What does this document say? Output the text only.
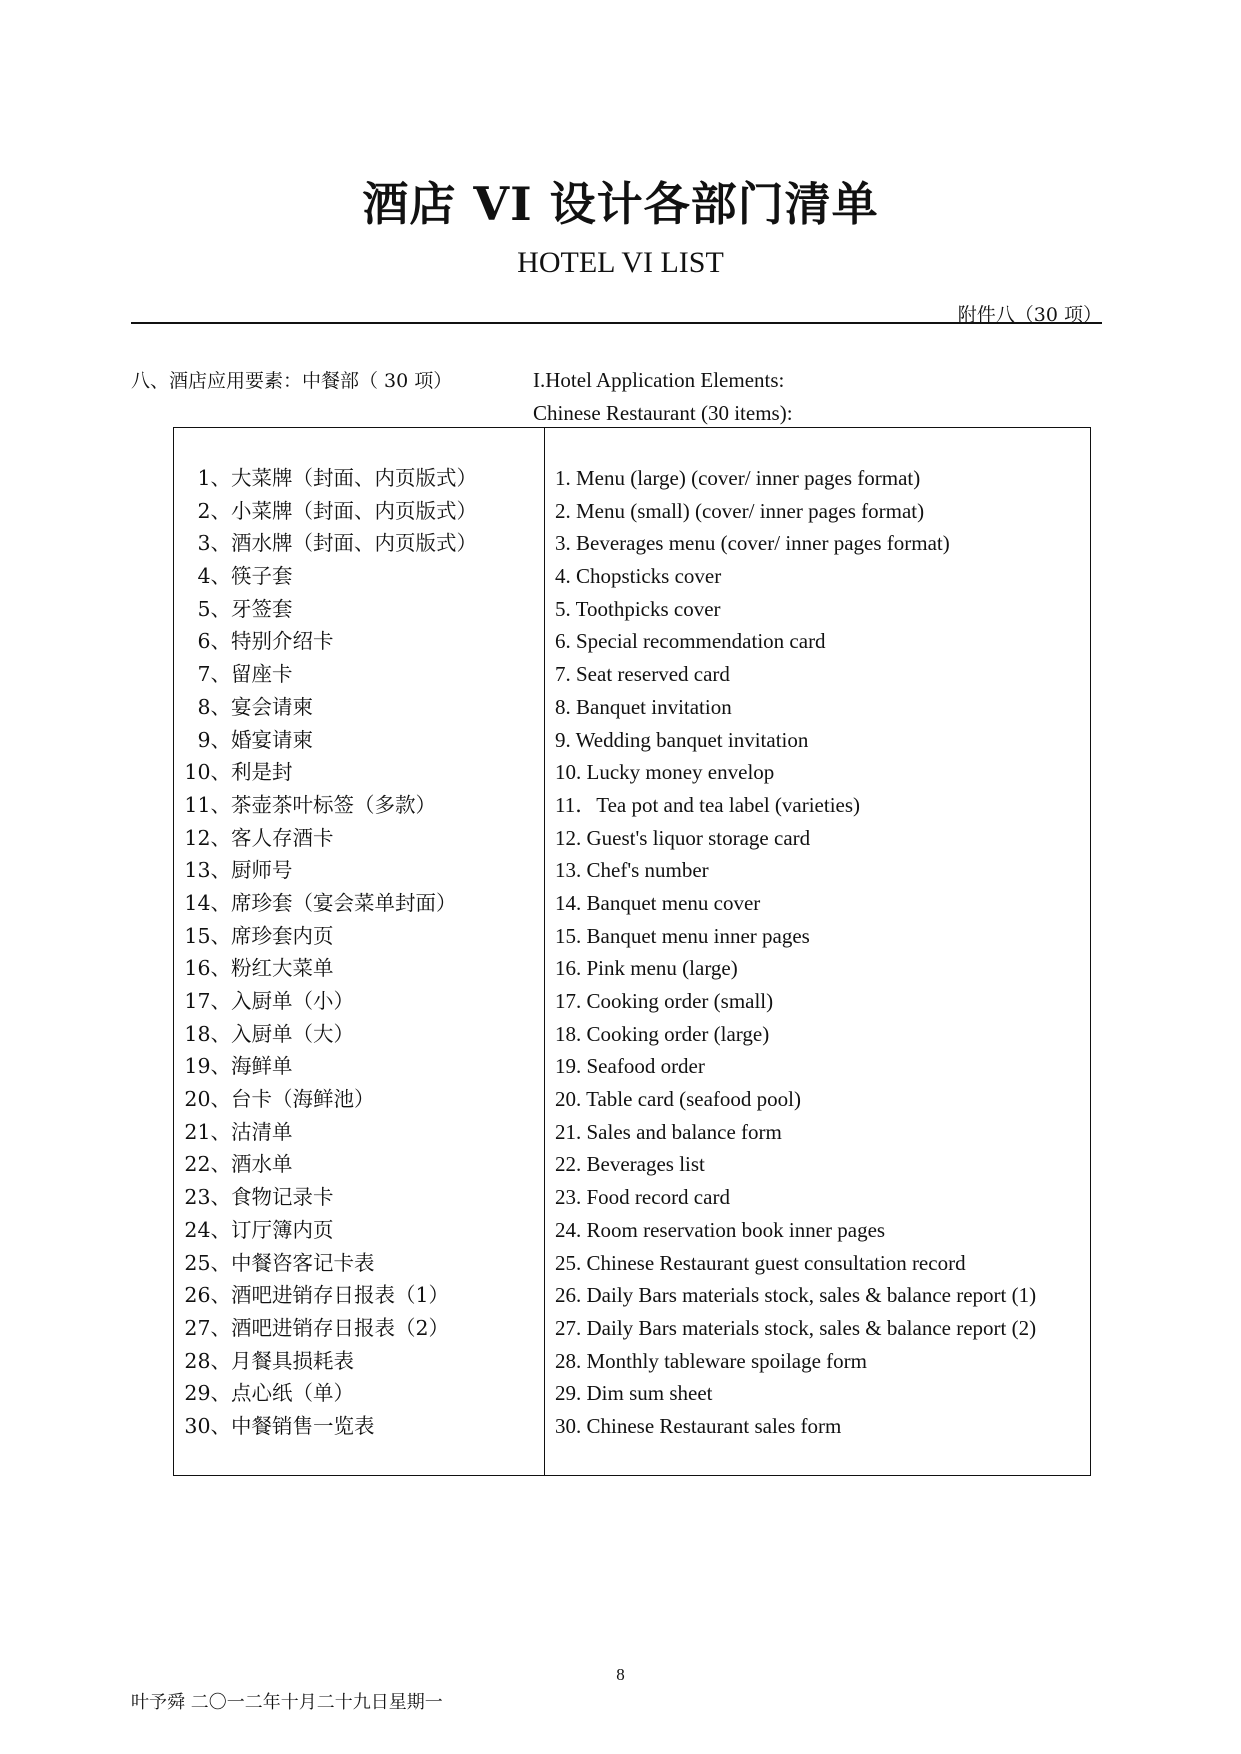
酒店 VI 设计各部门清单
HOTEL VI LIST
附件八（30 项）
八、酒店应用要素：中餐部（ 30 项）	I.Hotel Application Elements:
Chinese Restaurant (30 items):
1、大菜牌（封面、内页版式）
2、小菜牌（封面、内页版式）
3、酒水牌（封面、内页版式）
4、筷子套
5、牙签套
6、特别介绍卡
7、留座卡
8、宴会请柬
9、婚宴请柬
10、利是封
11、茶壶茶叶标签（多款）
12、客人存酒卡
13、厨师号
14、席珍套（宴会菜单封面）
15、席珍套内页
16、粉红大菜单
17、入厨单（小）
18、入厨单（大）
19、海鲜单
20、台卡（海鲜池）
21、沽清单
22、酒水单
23、食物记录卡
24、订厅簿内页
25、中餐咨客记卡表
26、酒吧进销存日报表（1）
27、酒吧进销存日报表（2）
28、月餐具损耗表
29、点心纸（单）
30、中餐销售一览表
1. Menu (large) (cover/ inner pages format)
2. Menu (small) (cover/ inner pages format)
3. Beverages menu (cover/ inner pages format)
4. Chopsticks cover
5. Toothpicks cover
6. Special recommendation card
7. Seat reserved card
8. Banquet invitation
9. Wedding banquet invitation
10. Lucky money envelop
11．Tea pot and tea label (varieties)
12. Guest's liquor storage card
13. Chef's number
14. Banquet menu cover
15. Banquet menu inner pages
16. Pink menu (large)
17. Cooking order (small)
18. Cooking order (large)
19. Seafood order
20. Table card (seafood pool)
21. Sales and balance form
22. Beverages list
23. Food record card
24. Room reservation book inner pages
25. Chinese Restaurant guest consultation record
26. Daily Bars materials stock, sales & balance report (1)
27. Daily Bars materials stock, sales & balance report (2)
28. Monthly tableware spoilage form
29. Dim sum sheet
30. Chinese Restaurant sales form
8
叶予舜 二〇一二年十月二十九日星期一
